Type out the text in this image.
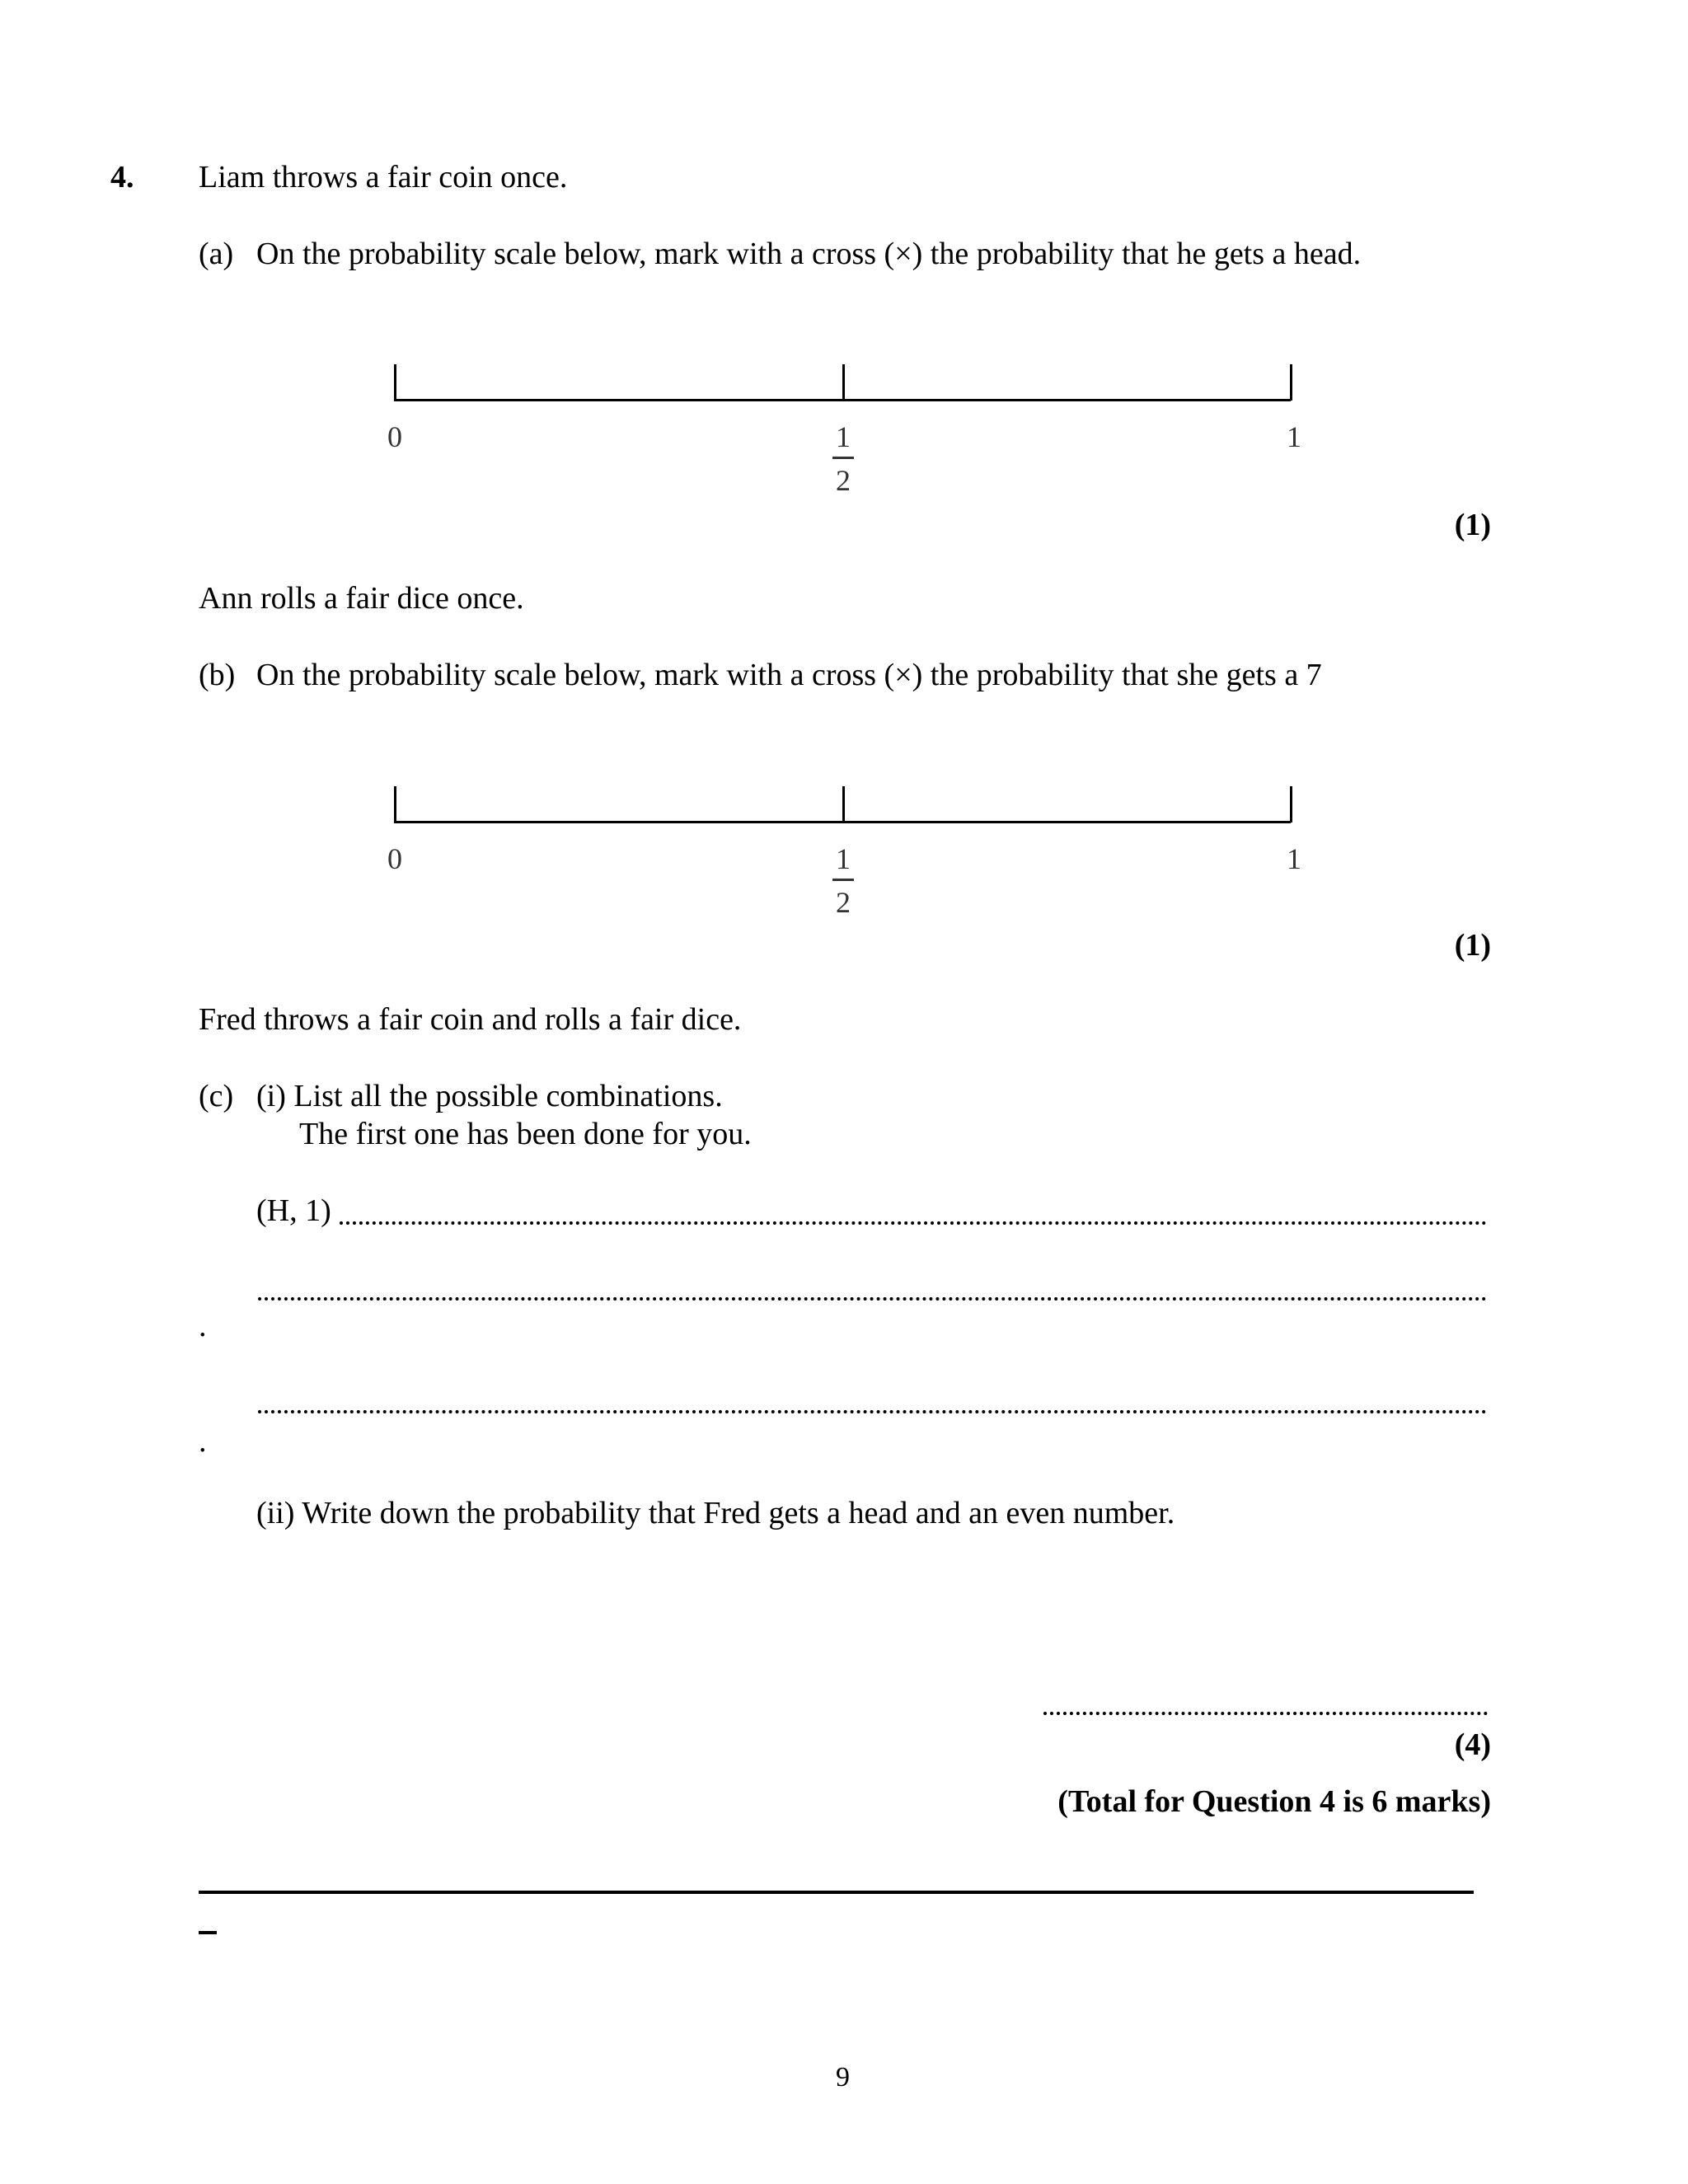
4. Liam throws a fair coin once.
(a) On the probability scale below, mark with a cross (×) the probability that he gets a head.
0	1
2
1
(1)
Ann rolls a fair dice once.
(b) On the probability scale below, mark with a cross (×) the probability that she gets a 7
0	1
2
1
(1)
Fred throws a fair coin and rolls a fair dice.
(c) (i) List all the possible combinations.
The first one has been done for you.
(H, 1)
.
.
(ii) Write down the probability that Fred gets a head and an even number.
(4)
(Total for Question 4 is 6 marks)
9
